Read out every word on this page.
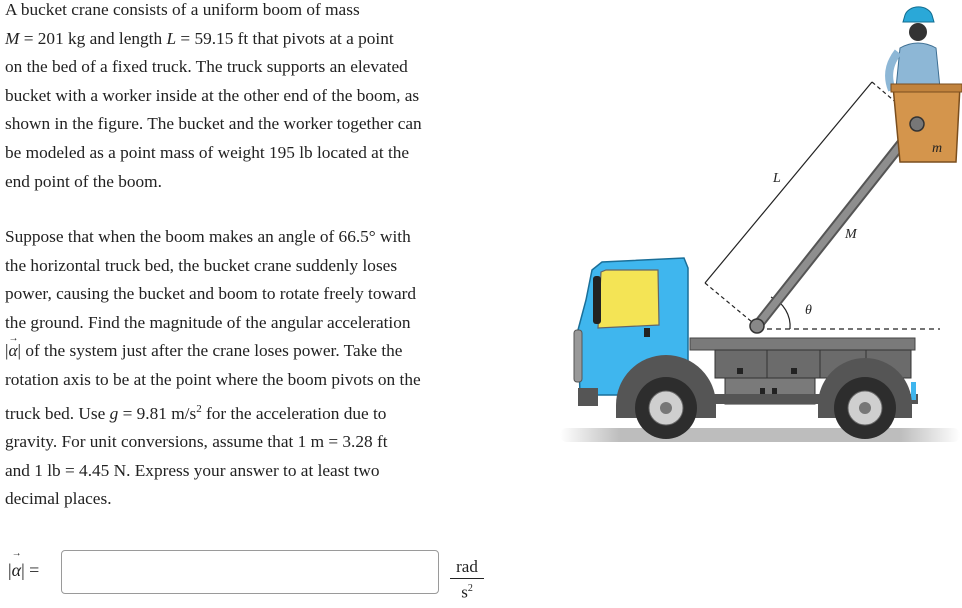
A bucket crane consists of a uniform boom of mass
M = 201 kg and length L = 59.15 ft that pivots at a point
on the bed of a fixed truck. The truck supports an elevated
bucket with a worker inside at the other end of the boom, as
shown in the figure. The bucket and the worker together can
be modeled as a point mass of weight 195 lb located at the
end point of the boom.
Suppose that when the boom makes an angle of 66.5° with
the horizontal truck bed, the bucket crane suddenly loses
power, causing the bucket and boom to rotate freely toward
the ground. Find the magnitude of the angular acceleration
|→ α| of the system just after the crane loses power. Take the
rotation axis to be at the point where the boom pivots on the
truck bed. Use g = 9.81 $m/s^2$ for the acceleration due to
gravity. For unit conversions, assume that 1 m = 3.28 ft
and 1 lb = 4.45 N. Express your answer to at least two
decimal places.
|→ α| =	rad
$s^2$
θ
L
M
m
